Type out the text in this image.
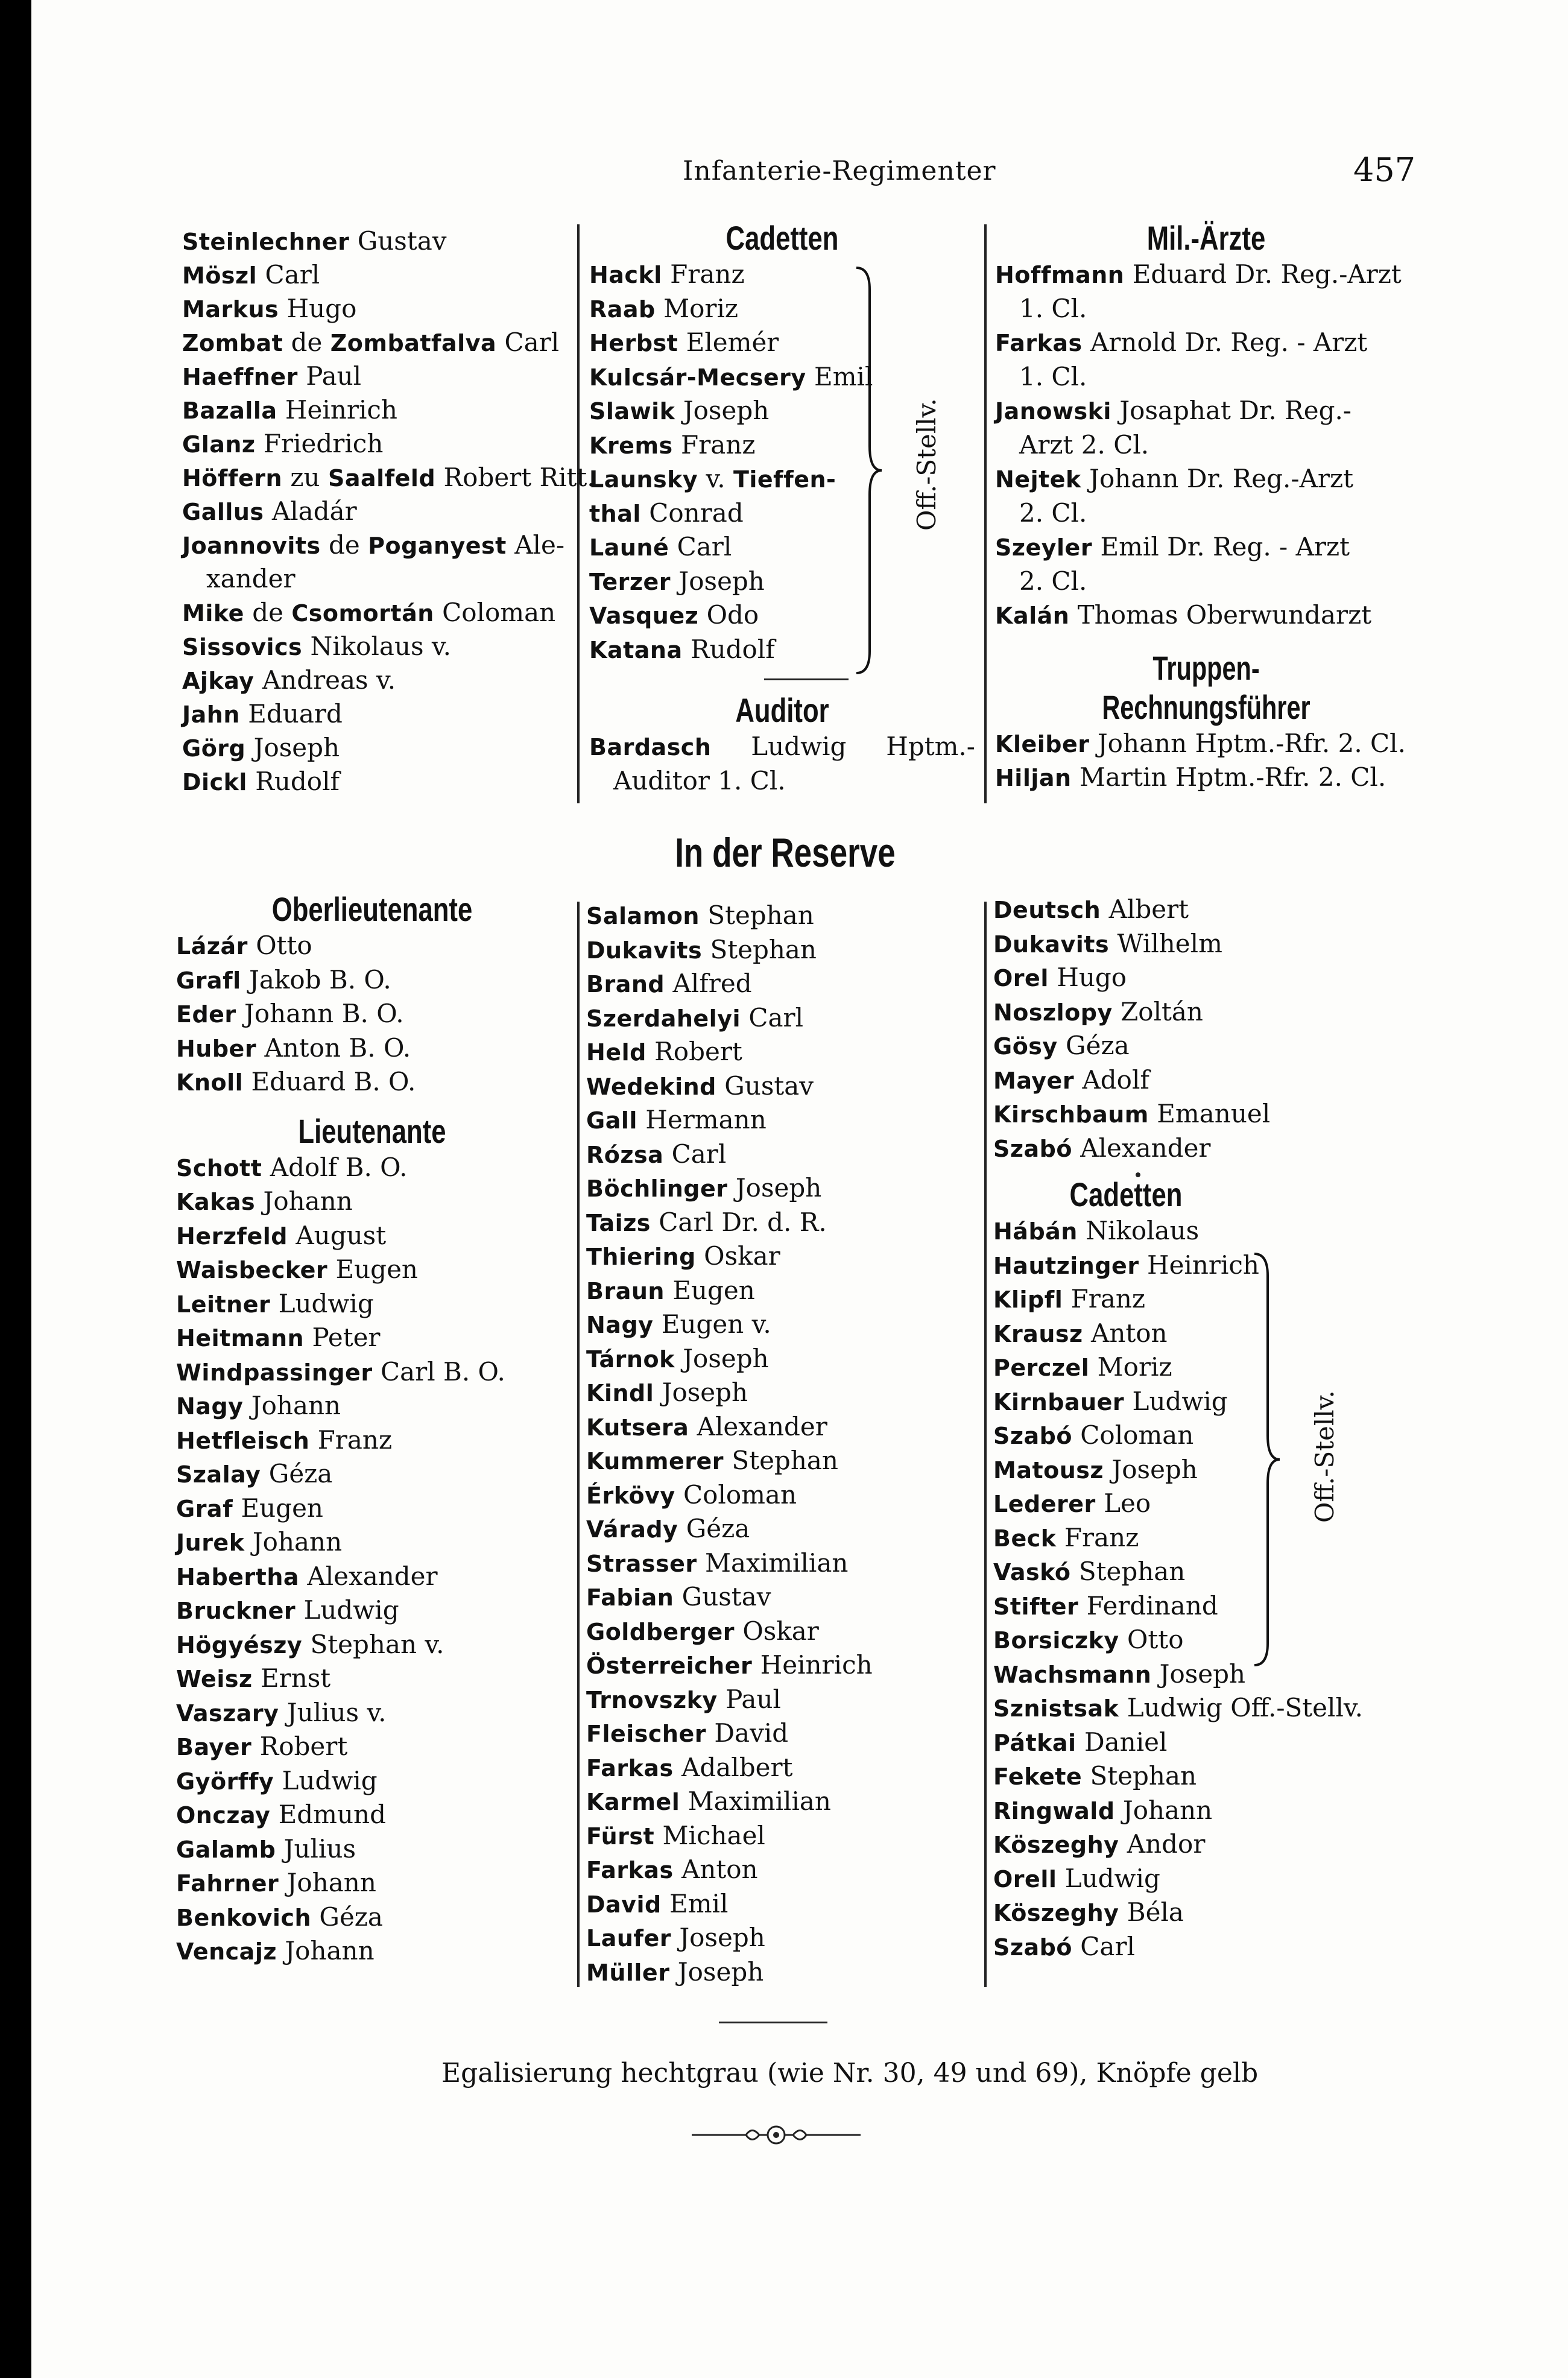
Infanterie-Regimenter	457
Steinlechner Gustav
Möszl Carl
Markus Hugo
Zombat de Zombatfalva Carl
Haeffner Paul
Bazalla Heinrich
Glanz Friedrich
Höffern zu Saalfeld Robert Ritt.
Gallus Aladár
Joannovits de Poganyest Ale-
xander
Mike de Csomortán Coloman
Sissovics Nikolaus v.
Ajkay Andreas v.
Jahn Eduard
Görg Joseph
Dickl Rudolf
Cadetten
Hackl Franz
Raab Moriz
Herbst Elemér
Kulcsár-Mecsery Emil
Slawik Joseph
Krems Franz
Launsky v. Tieffen-
thal Conrad
Launé Carl
Terzer Joseph
Vasquez Odo
Katana Rudolf
Off.-Stellv.
Auditor
Bardasch Ludwig Hptm.-
Auditor 1. Cl.
Mil.-Ärzte
Hoffmann Eduard Dr. Reg.-Arzt
1. Cl.
Farkas Arnold Dr. Reg. - Arzt
1. Cl.
Janowski Josaphat Dr. Reg.-
Arzt 2. Cl.
Nejtek Johann Dr. Reg.-Arzt
2. Cl.
Szeyler Emil Dr. Reg. - Arzt
2. Cl.
Kalán Thomas Oberwundarzt
Truppen-Rechnungsführer
Kleiber Johann Hptm.-Rfr. 2. Cl.
Hiljan Martin Hptm.-Rfr. 2. Cl.
In der Reserve
Oberlieutenante
Lázár Otto
Grafl Jakob B. O.
Eder Johann B. O.
Huber Anton B. O.
Knoll Eduard B. O.
Lieutenante
Schott Adolf B. O.
Kakas Johann
Herzfeld August
Waisbecker Eugen
Leitner Ludwig
Heitmann Peter
Windpassinger Carl B. O.
Nagy Johann
Hetfleisch Franz
Szalay Géza
Graf Eugen
Jurek Johann
Habertha Alexander
Bruckner Ludwig
Högyészy Stephan v.
Weisz Ernst
Vaszary Julius v.
Bayer Robert
Györffy Ludwig
Onczay Edmund
Galamb Julius
Fahrner Johann
Benkovich Géza
Vencajz Johann
Salamon Stephan
Dukavits Stephan
Brand Alfred
Szerdahelyi Carl
Held Robert
Wedekind Gustav
Gall Hermann
Rózsa Carl
Böchlinger Joseph
Taizs Carl Dr. d. R.
Thiering Oskar
Braun Eugen
Nagy Eugen v.
Tárnok Joseph
Kindl Joseph
Kutsera Alexander
Kummerer Stephan
Érkövy Coloman
Várady Géza
Strasser Maximilian
Fabian Gustav
Goldberger Oskar
Österreicher Heinrich
Trnovszky Paul
Fleischer David
Farkas Adalbert
Karmel Maximilian
Fürst Michael
Farkas Anton
David Emil
Laufer Joseph
Müller Joseph
Deutsch Albert
Dukavits Wilhelm
Orel Hugo
Noszlopy Zoltán
Gösy Géza
Mayer Adolf
Kirschbaum Emanuel
Szabó Alexander
Cadetten
Hábán Nikolaus
Hautzinger Heinrich
Klipfl Franz
Krausz Anton
Perczel Moriz
Kirnbauer Ludwig
Szabó Coloman
Matousz Joseph
Lederer Leo
Beck Franz
Vaskó Stephan
Stifter Ferdinand
Borsiczky Otto
Wachsmann Joseph
Sznistsak Ludwig Off.-Stellv.
Pátkai Daniel
Fekete Stephan
Ringwald Johann
Köszeghy Andor
Orell Ludwig
Köszeghy Béla
Szabó Carl
Off.-Stellv.
Egalisierung hechtgrau (wie Nr. 30, 49 und 69), Knöpfe gelb
